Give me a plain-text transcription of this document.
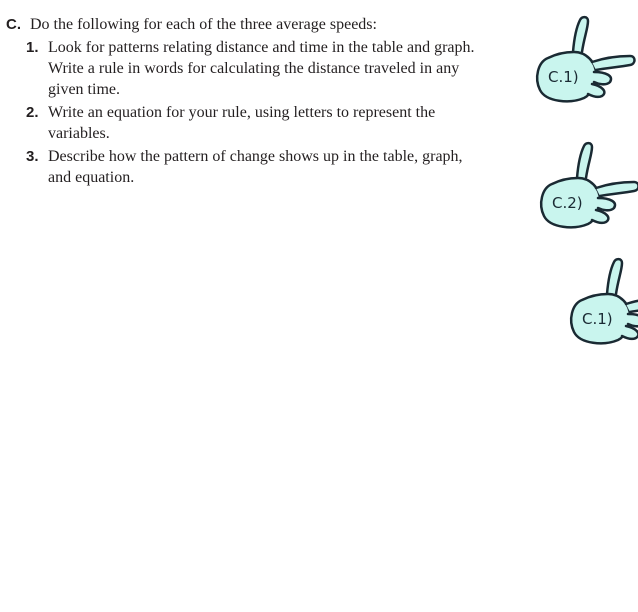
C. Do the following for each of the three average speeds:
1. Look for patterns relating distance and time in the table and graph. Write a rule in words for calculating the distance traveled in any given time.
2. Write an equation for your rule, using letters to represent the variables.
3. Describe how the pattern of change shows up in the table, graph, and equation.
C.1)
C.2)
C.1)
